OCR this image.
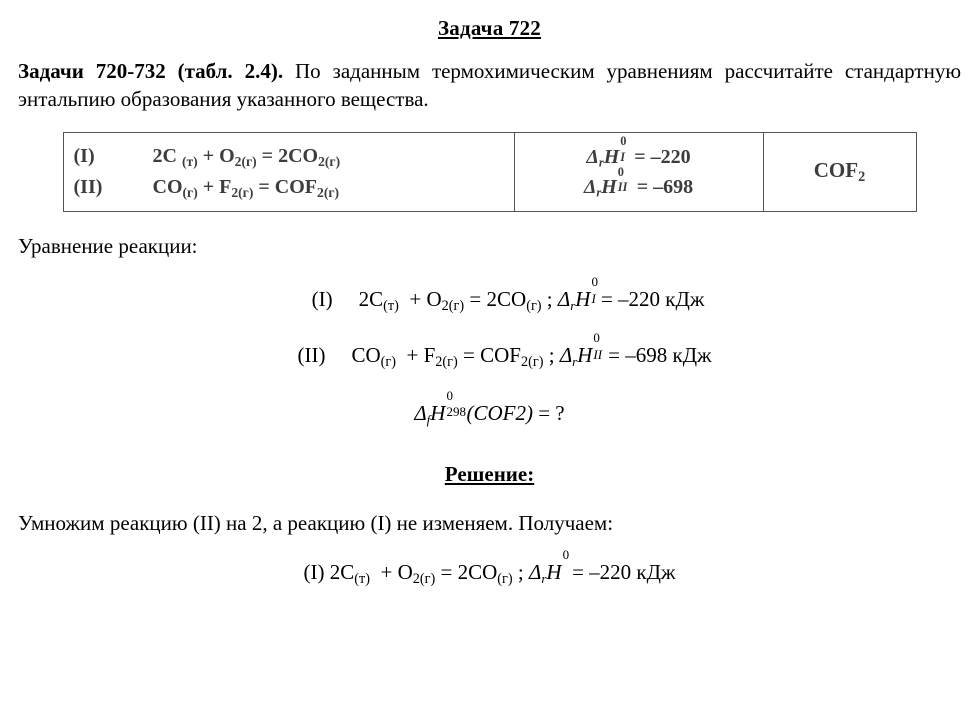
Задача 722
Задачи 720-732 (табл. 2.4). По заданным термохимическим уравнениям рассчитайте стандартную энтальпию образования указанного вещества.
(I)	2C $_{(т)} + O_{2(г)} = 2CO_{2(г)}$
(II)	$CO_{(г)} + F_{2(г)} = COF_{2(г)}$

ΔrH
0
I = –220
ΔrH
0
II = –698
	$COF_2$
Уравнение реакции:
(I) $2C_{(т)} + O_{2(г)} = 2CO_{(г)}$ ; ΔrH
0
I = –220 кДж
(II) $CO_{(г)} + F_{2(г)} = COF_{2(г)}$ ; ΔrH
0
II = –698 кДж
ΔfH
0
298 (COF2) = ?
Решение:
Умножим реакцию (II) на 2, а реакцию (I) не изменяем. Получаем:
(I) $2C_{(т)} + O_{2(г)} = 2CO_{(г)}$ ; ΔrH
0
= –220 кДж
